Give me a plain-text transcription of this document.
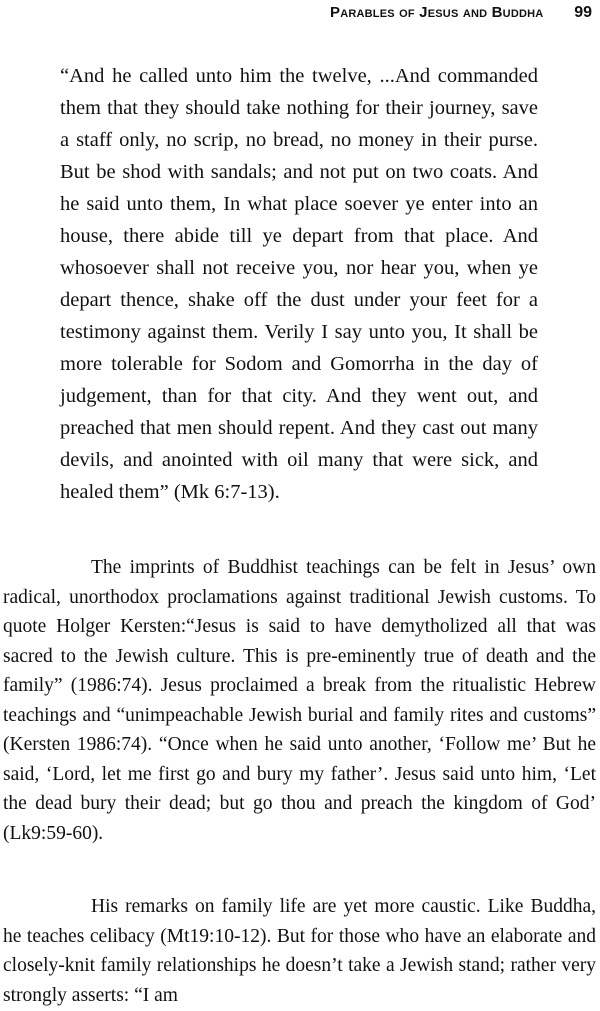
Parables of Jesus and Buddha 99

“And he called unto him the twelve, ...And commanded them that they should take nothing for their journey, save a staff only, no scrip, no bread, no money in their purse. But be shod with sandals; and not put on two coats. And he said unto them, In what place soever ye enter into an house, there abide till ye depart from that place. And whosoever shall not receive you, nor hear you, when ye depart thence, shake off the dust under your feet for a testimony against them. Verily I say unto you, It shall be more tolerable for Sodom and Gomorrha in the day of judgement, than for that city. And they went out, and preached that men should repent. And they cast out many devils, and anointed with oil many that were sick, and healed them” (Mk 6:7-13).

The imprints of Buddhist teachings can be felt in Jesus’ own radical, unorthodox proclamations against traditional Jewish customs. To quote Holger Kersten:“Jesus is said to have demytholized all that was sacred to the Jewish culture. This is pre-eminently true of death and the family” (1986:74). Jesus proclaimed a break from the ritualistic Hebrew teachings and “unimpeachable Jewish burial and family rites and customs” (Kersten 1986:74). “Once when he said unto another, ‘Follow me’ But he said, ‘Lord, let me first go and bury my father’. Jesus said unto him, ‘Let the dead bury their dead; but go thou and preach the kingdom of God’ (Lk9:59-60).

His remarks on family life are yet more caustic. Like Buddha, he teaches celibacy (Mt19:10-12). But for those who have an elaborate and closely-knit family relationships he doesn’t take a Jewish stand; rather very strongly asserts: “I am
